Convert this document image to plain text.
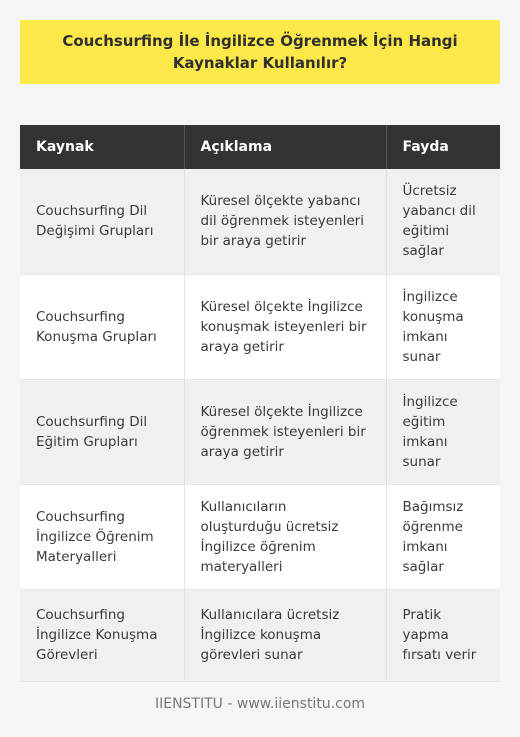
Couchsurfing İle İngilizce Öğrenmek İçin Hangi Kaynaklar Kullanılır?
Kaynak	Açıklama	Fayda
Couchsurfing Dil Değişimi Grupları	Küresel ölçekte yabancı dil öğrenmek isteyenleri bir araya getirir	Ücretsiz yabancı dil eğitimi sağlar
Couchsurfing Konuşma Grupları	Küresel ölçekte İngilizce konuşmak isteyenleri bir araya getirir	İngilizce konuşma imkanı sunar
Couchsurfing Dil Eğitim Grupları	Küresel ölçekte İngilizce öğrenmek isteyenleri bir araya getirir	İngilizce eğitim imkanı sunar
Couchsurfing İngilizce Öğrenim Materyalleri	Kullanıcıların oluşturduğu ücretsiz İngilizce öğrenim materyalleri	Bağımsız öğrenme imkanı sağlar
Couchsurfing İngilizce Konuşma Görevleri	Kullanıcılara ücretsiz İngilizce konuşma görevleri sunar	Pratik yapma fırsatı verir
IIENSTITU - www.iienstitu.com
